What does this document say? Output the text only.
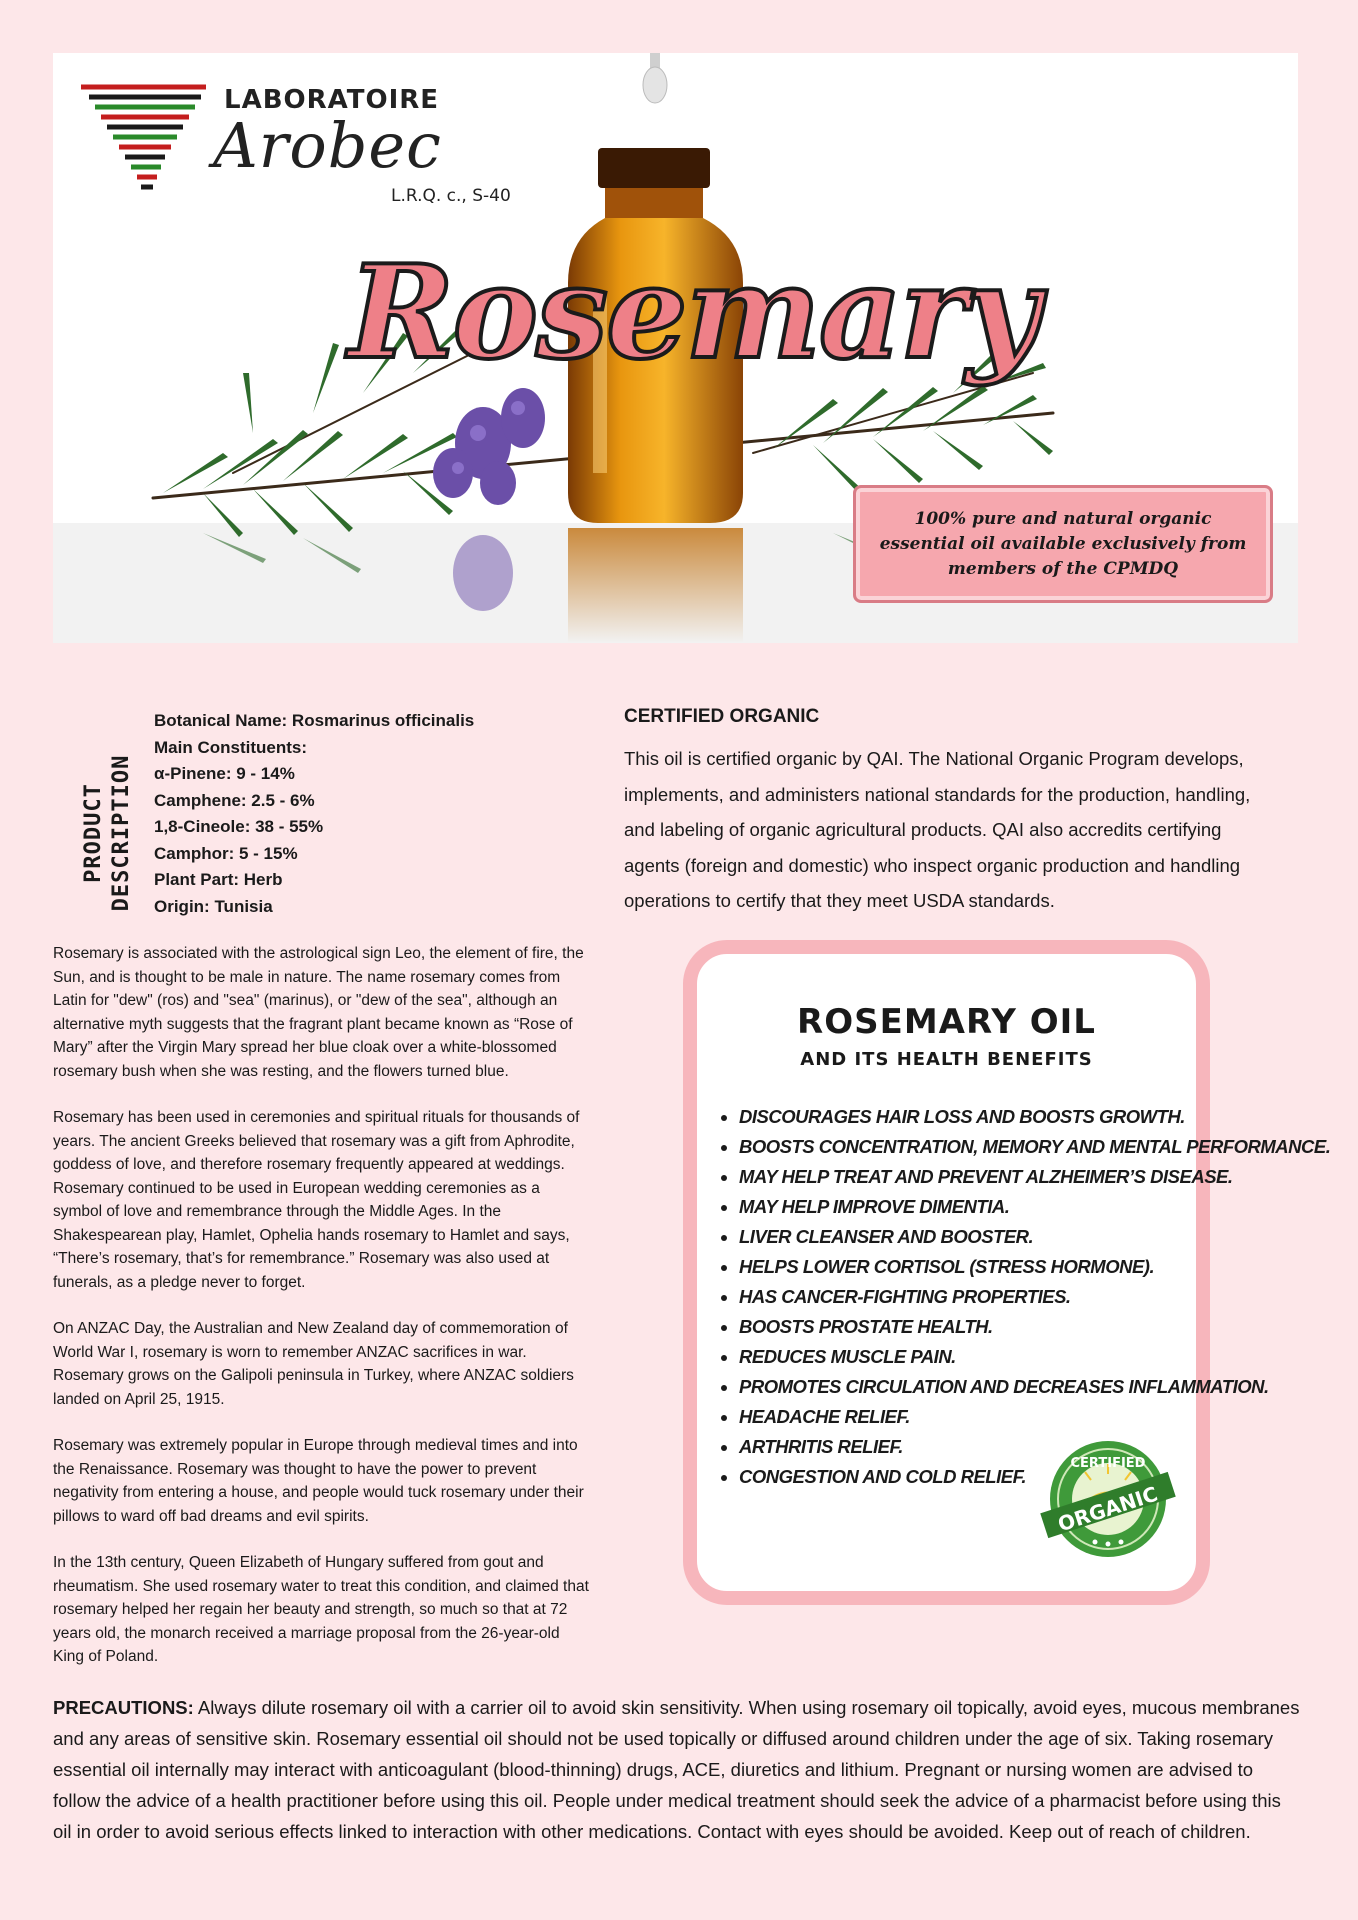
LABORATOIRE
Arobec
L.R.Q. c., S-40
Rosemary
100% pure and natural organic essential oil available exclusively from members of the CPMDQ
PRODUCT DESCRIPTION
Botanical Name: Rosmarinus officinalis
Main Constituents:
α-Pinene: 9 - 14%
Camphene: 2.5 - 6%
1,8-Cineole: 38 - 55%
Camphor: 5 - 15%
Plant Part: Herb
Origin: Tunisia

Rosemary is associated with the astrological sign Leo, the element of fire, the Sun, and is thought to be male in nature. The name rosemary comes from Latin for "dew" (ros) and "sea" (marinus), or "dew of the sea", although an alternative myth suggests that the fragrant plant became known as “Rose of Mary” after the Virgin Mary spread her blue cloak over a white-blossomed rosemary bush when she was resting, and the flowers turned blue.

Rosemary has been used in ceremonies and spiritual rituals for thousands of years. The ancient Greeks believed that rosemary was a gift from Aphrodite, goddess of love, and therefore rosemary frequently appeared at weddings. Rosemary continued to be used in European wedding ceremonies as a symbol of love and remembrance through the Middle Ages. In the Shakespearean play, Hamlet, Ophelia hands rosemary to Hamlet and says, “There’s rosemary, that’s for remembrance.” Rosemary was also used at funerals, as a pledge never to forget.

On ANZAC Day, the Australian and New Zealand day of commemoration of World War I, rosemary is worn to remember ANZAC sacrifices in war. Rosemary grows on the Galipoli peninsula in Turkey, where ANZAC soldiers landed on April 25, 1915.

Rosemary was extremely popular in Europe through medieval times and into the Renaissance. Rosemary was thought to have the power to prevent negativity from entering a house, and people would tuck rosemary under their pillows to ward off bad dreams and evil spirits.

In the 13th century, Queen Elizabeth of Hungary suffered from gout and rheumatism. She used rosemary water to treat this condition, and claimed that rosemary helped her regain her beauty and strength, so much so that at 72 years old, the monarch received a marriage proposal from the 26-year-old King of Poland.

CERTIFIED ORGANIC
This oil is certified organic by QAI. The National Organic Program develops, implements, and administers national standards for the production, handling, and labeling of organic agricultural products. QAI also accredits certifying agents (foreign and domestic) who inspect organic production and handling operations to certify that they meet USDA standards.
ROSEMARY OIL
AND ITS HEALTH BENEFITS
• DISCOURAGES HAIR LOSS AND BOOSTS GROWTH.
• BOOSTS CONCENTRATION, MEMORY AND MENTAL PERFORMANCE.
• MAY HELP TREAT AND PREVENT ALZHEIMER’S DISEASE.
• MAY HELP IMPROVE DIMENTIA.
• LIVER CLEANSER AND BOOSTER.
• HELPS LOWER CORTISOL (STRESS HORMONE).
• HAS CANCER-FIGHTING PROPERTIES.
• BOOSTS PROSTATE HEALTH.
• REDUCES MUSCLE PAIN.
• PROMOTES CIRCULATION AND DECREASES INFLAMMATION.
• HEADACHE RELIEF.
• ARTHRITIS RELIEF.
• CONGESTION AND COLD RELIEF.
CERTIFIED
ORGANIC
PRECAUTIONS: Always dilute rosemary oil with a carrier oil to avoid skin sensitivity. When using rosemary oil topically, avoid eyes, mucous membranes and any areas of sensitive skin. Rosemary essential oil should not be used topically or diffused around children under the age of six. Taking rosemary essential oil internally may interact with anticoagulant (blood-thinning) drugs, ACE, diuretics and lithium. Pregnant or nursing women are advised to follow the advice of a health practitioner before using this oil. People under medical treatment should seek the advice of a pharmacist before using this oil in order to avoid serious effects linked to interaction with other medications. Contact with eyes should be avoided. Keep out of reach of children.
